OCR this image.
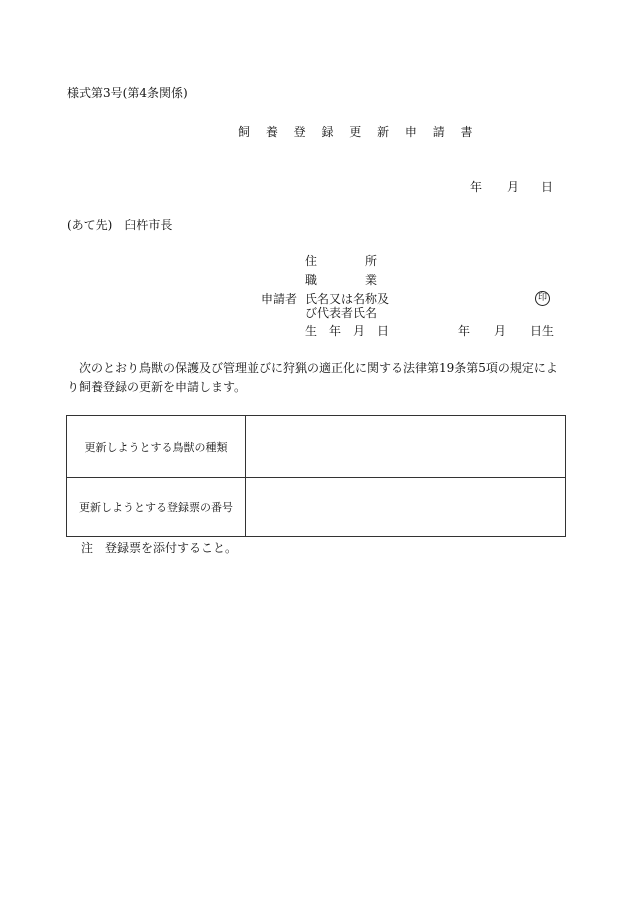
様式第3号(第4条関係)
飼 養 登 録 更 新 申 請 書
年 月 日
(あて先)　臼杵市長
住　　　　所
職　　　　業
申請者 氏名又は名称及
び代表者氏名
印
生　年　月　日	年 月 日生
次のとおり鳥獣の保護及び管理並びに狩猟の適正化に関する法律第19条第5項の規定により飼養登録の更新を申請します。
更新しようとする鳥獣の種類	
更新しようとする登録票の番号	
注　登録票を添付すること。
